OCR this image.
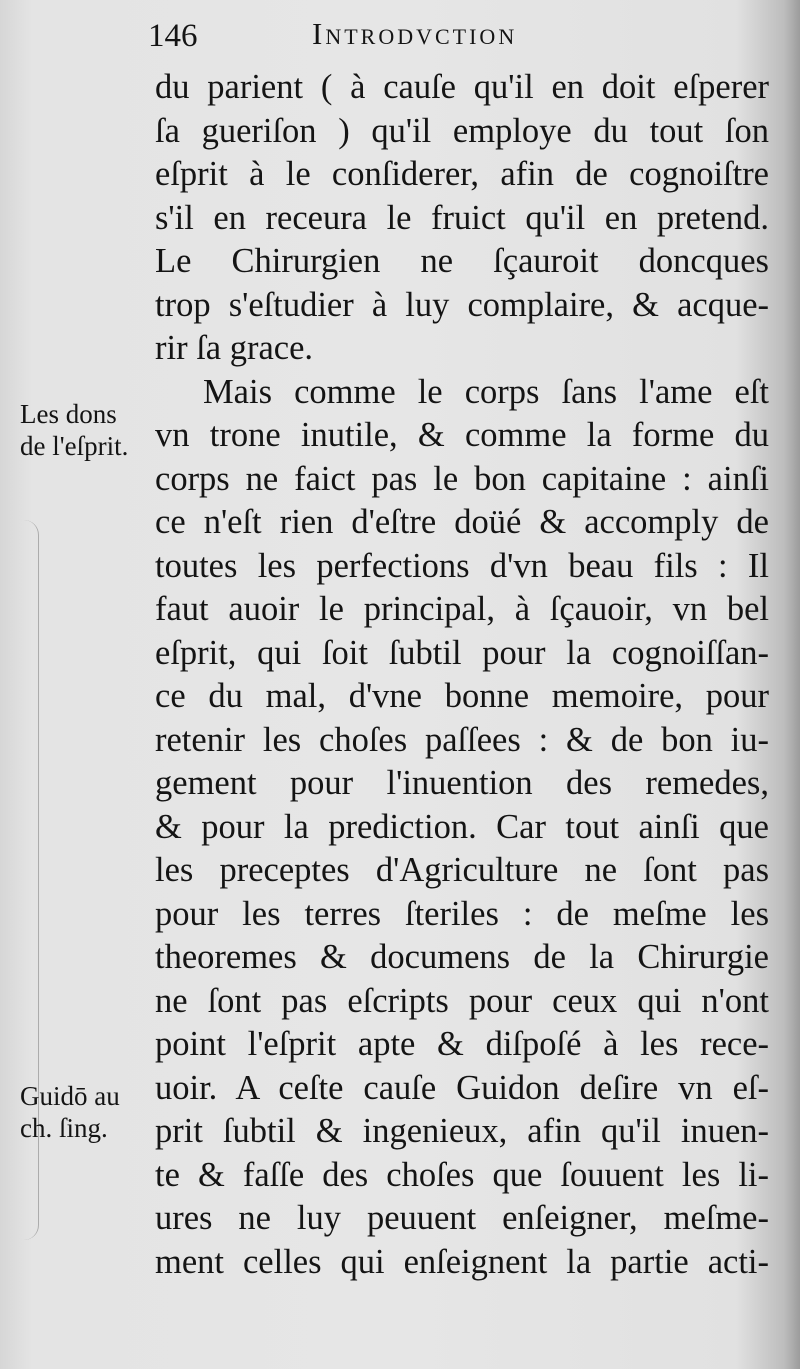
146	Introdvction
du parient ( à cauſe qu'il en doit eſperer
ſa gueriſon ) qu'il employe du tout ſon
eſprit à le conſiderer, afin de cognoiſtre
s'il en receura le fruict qu'il en pretend.
Le Chirurgien ne ſçauroit doncques
trop s'eſtudier à luy complaire, & acque-
rir ſa grace.
Mais comme le corps ſans l'ame eſt
vn trone inutile, & comme la forme du
corps ne faict pas le bon capitaine : ainſi
ce n'eſt rien d'eſtre doüé & accomply de
toutes les perfections d'vn beau fils : Il
faut auoir le principal, à ſçauoir, vn bel
eſprit, qui ſoit ſubtil pour la cognoiſſan-
ce du mal, d'vne bonne memoire, pour
retenir les choſes paſſees : & de bon iu-
gement pour l'inuention des remedes,
& pour la prediction. Car tout ainſi que
les preceptes d'Agriculture ne ſont pas
pour les terres ſteriles : de meſme les
theoremes & documens de la Chirurgie
ne ſont pas eſcripts pour ceux qui n'ont
point l'eſprit apte & diſpoſé à les rece-
uoir. A ceſte cauſe Guidon deſire vn eſ-
prit ſubtil & ingenieux, afin qu'il inuen-
te & faſſe des choſes que ſouuent les li-
ures ne luy peuuent enſeigner, meſme-
ment celles qui enſeignent la partie acti-
Les dons
de l'eſprit.
Guidō au
ch. ſing.
